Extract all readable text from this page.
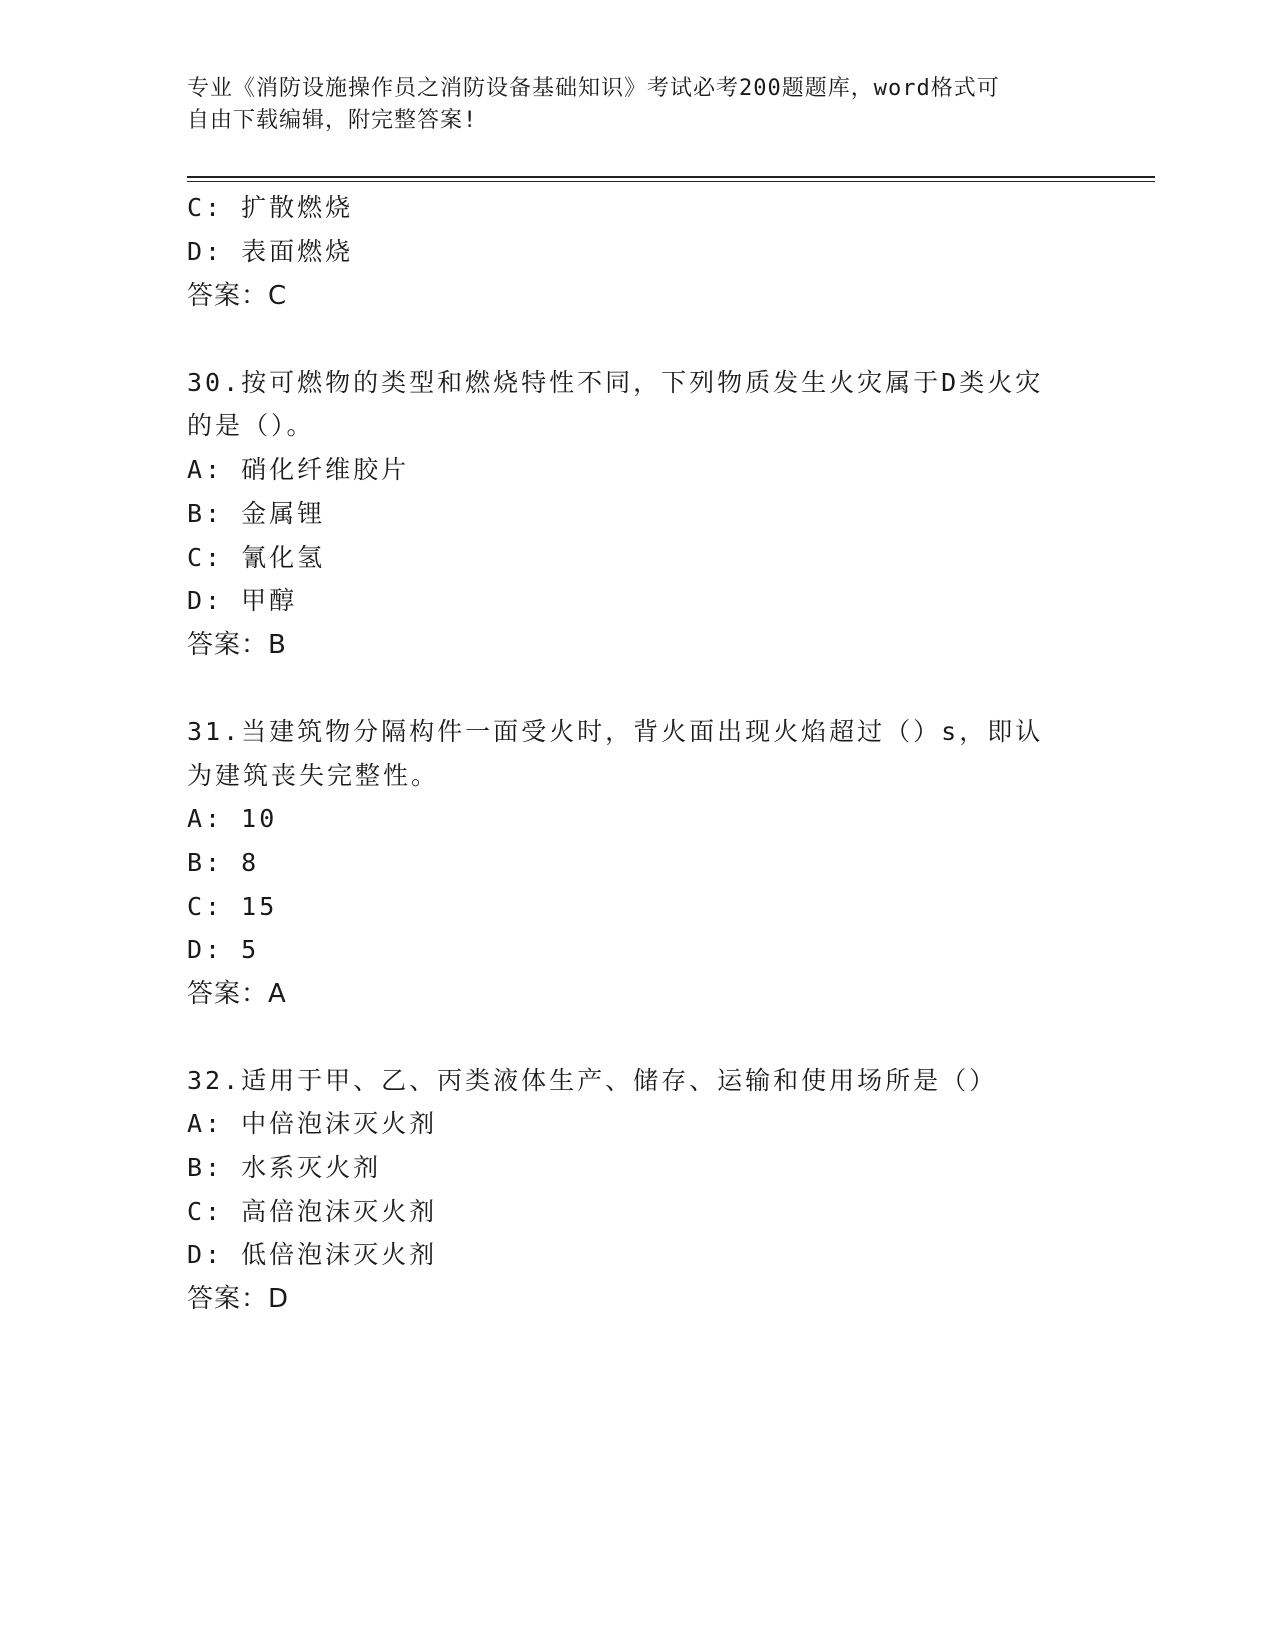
专业《消防设施操作员之消防设备基础知识》考试必考200题题库，word格式可
自由下载编辑，附完整答案!
C: 扩散燃烧
D: 表面燃烧
答案：C
30.按可燃物的类型和燃烧特性不同，下列物质发生火灾属于D类火灾
的是（）。
A: 硝化纤维胶片
B: 金属锂
C: 氰化氢
D: 甲醇
答案：B
31.当建筑物分隔构件一面受火时，背火面出现火焰超过（）s，即认
为建筑丧失完整性。
A: 10
B: 8
C: 15
D: 5
答案：A
32.适用于甲、乙、丙类液体生产、储存、运输和使用场所是（）
A: 中倍泡沫灭火剂
B: 水系灭火剂
C: 高倍泡沫灭火剂
D: 低倍泡沫灭火剂
答案：D
